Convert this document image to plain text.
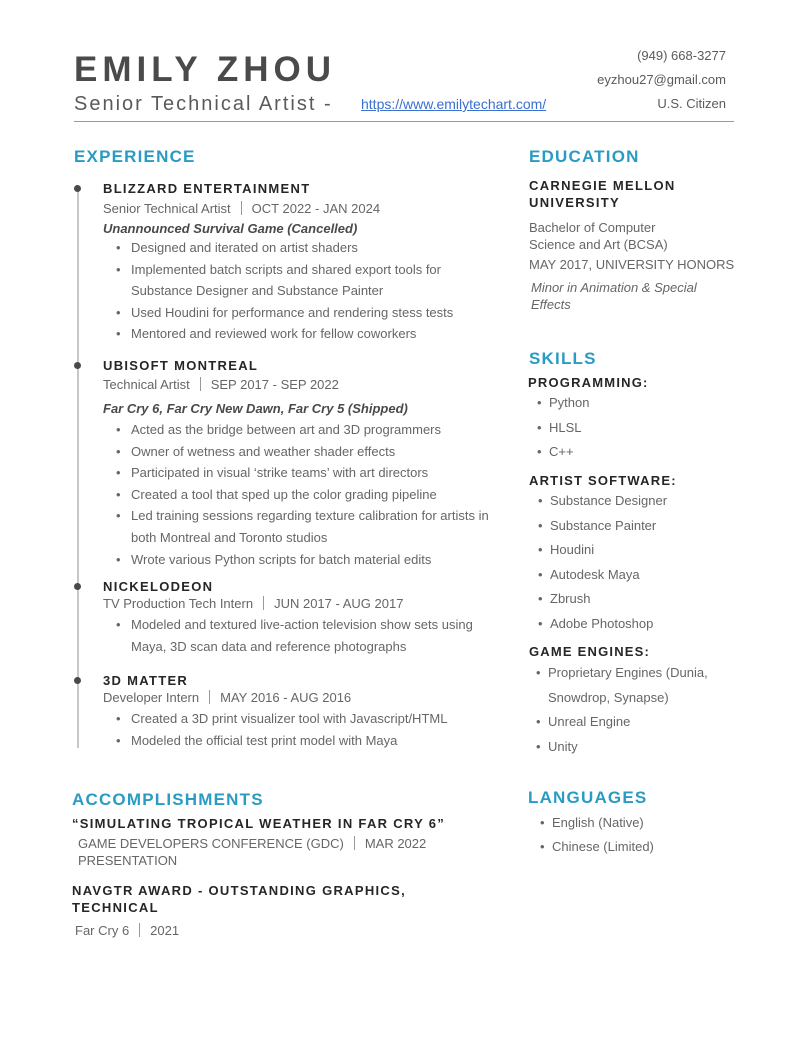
EMILY ZHOU
Senior Technical Artist - https://www.emilytechart.com/
(949) 668-3277
eyzhou27@gmail.com
U.S. Citizen
EXPERIENCE
BLIZZARD ENTERTAINMENT
Senior Technical Artist OCT 2022 - JAN 2024
Unannounced Survival Game (Cancelled)
• Designed and iterated on artist shaders
• Implemented batch scripts and shared export tools for Substance Designer and Substance Painter
• Used Houdini for performance and rendering stess tests
• Mentored and reviewed work for fellow coworkers
UBISOFT MONTREAL
Technical Artist SEP 2017 - SEP 2022
Far Cry 6, Far Cry New Dawn, Far Cry 5 (Shipped)
• Acted as the bridge between art and 3D programmers
• Owner of wetness and weather shader effects
• Participated in visual ‘strike teams’ with art directors
• Created a tool that sped up the color grading pipeline
• Led training sessions regarding texture calibration for artists in both Montreal and Toronto studios
• Wrote various Python scripts for batch material edits
NICKELODEON
TV Production Tech Intern JUN 2017 - AUG 2017
• Modeled and textured live-action television show sets using Maya, 3D scan data and reference photographs
3D MATTER
Developer Intern MAY 2016 - AUG 2016
• Created a 3D print visualizer tool with Javascript/HTML
• Modeled the official test print model with Maya
EDUCATION
CARNEGIE MELLON UNIVERSITY
Bachelor of Computer Science and Art (BCSA)
MAY 2017, UNIVERSITY HONORS
Minor in Animation & Special Effects
SKILLS
PROGRAMMING:
• Python
• HLSL
• C++
ARTIST SOFTWARE:
• Substance Designer
• Substance Painter
• Houdini
• Autodesk Maya
• Zbrush
• Adobe Photoshop
GAME ENGINES:
• Proprietary Engines (Dunia,
Snowdrop, Synapse)
• Unreal Engine
• Unity
ACCOMPLISHMENTS
“SIMULATING TROPICAL WEATHER IN FAR CRY 6”
GAME DEVELOPERS CONFERENCE (GDC) MAR 2022
PRESENTATION
NAVGTR AWARD - OUTSTANDING GRAPHICS,
TECHNICAL
Far Cry 6 2021
LANGUAGES
• English (Native)
• Chinese (Limited)
